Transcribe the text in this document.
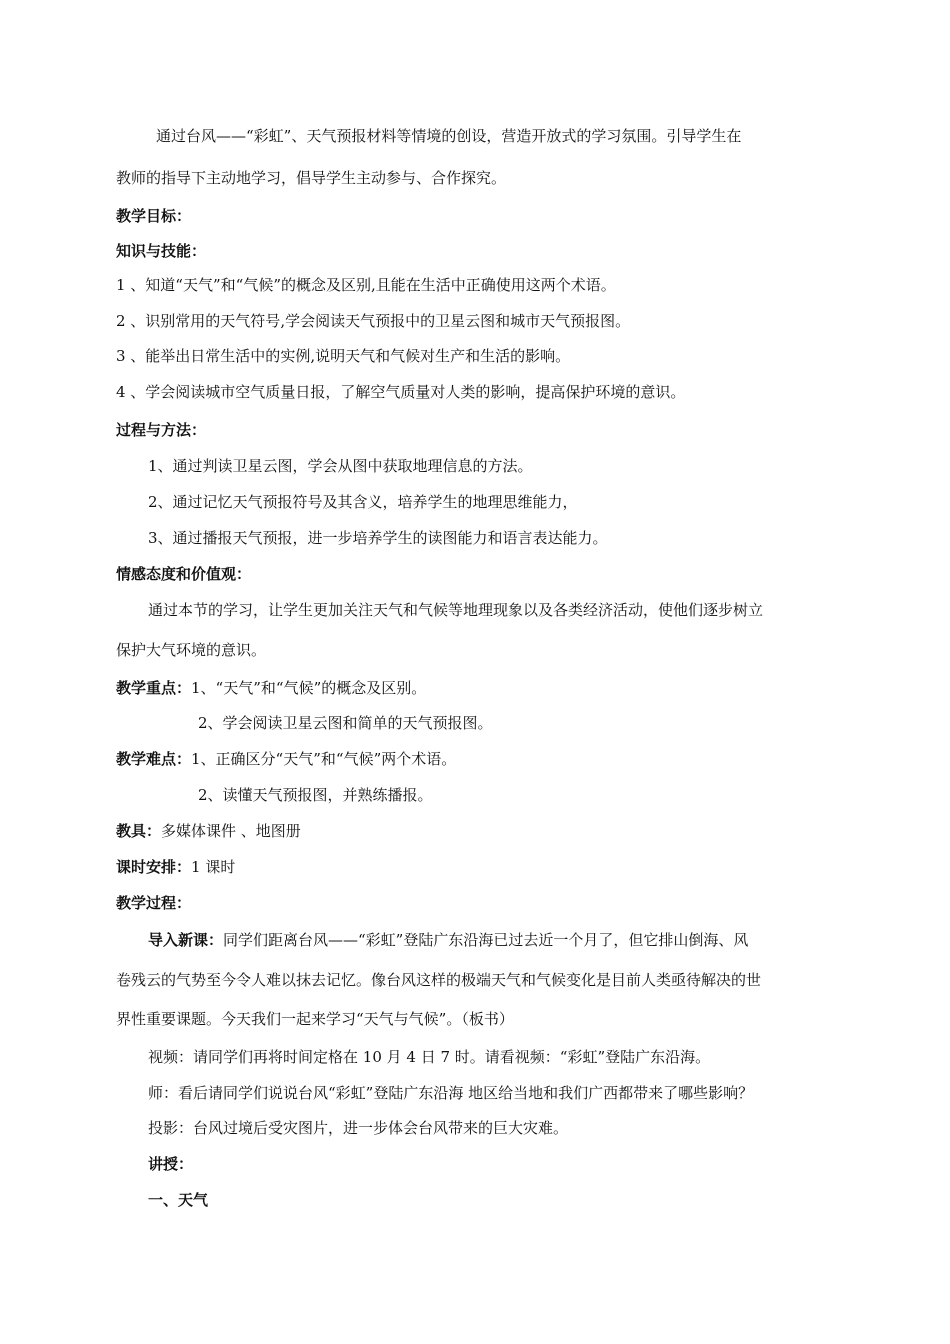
通过台风——“彩虹”、天气预报材料等情境的创设，营造开放式的学习氛围。引导学生在
教师的指导下主动地学习，倡导学生主动参与、合作探究。
教学目标：
知识与技能：
1 、知道“天气”和“气候”的概念及区别,且能在生活中正确使用这两个术语。
2 、识别常用的天气符号,学会阅读天气预报中的卫星云图和城市天气预报图。
3 、能举出日常生活中的实例,说明天气和气候对生产和生活的影响。
4 、学会阅读城市空气质量日报，了解空气质量对人类的影响，提高保护环境的意识。
过程与方法：
1、通过判读卫星云图，学会从图中获取地理信息的方法。
2、通过记忆天气预报符号及其含义，培养学生的地理思维能力，
3、通过播报天气预报，进一步培养学生的读图能力和语言表达能力。
情感态度和价值观：
通过本节的学习，让学生更加关注天气和气候等地理现象以及各类经济活动，使他们逐步树立
保护大气环境的意识。
教学重点：1、“天气”和“气候”的概念及区别。
2、学会阅读卫星云图和简单的天气预报图。
教学难点：1、正确区分“天气”和“气候”两个术语。
2、读懂天气预报图，并熟练播报。
教具：多媒体课件 、地图册
课时安排：1 课时
教学过程：
导入新课：同学们距离台风——“彩虹”登陆广东沿海已过去近一个月了，但它排山倒海、风
卷残云的气势至今令人难以抹去记忆。像台风这样的极端天气和气候变化是目前人类亟待解决的世
界性重要课题。今天我们一起来学习“天气与气候”。（板书）
视频：请同学们再将时间定格在 10 月 4 日 7 时。请看视频：“彩虹”登陆广东沿海。
师：看后请同学们说说台风“彩虹”登陆广东沿海 地区给当地和我们广西都带来了哪些影响？
投影：台风过境后受灾图片，进一步体会台风带来的巨大灾难。
讲授：
一、天气
